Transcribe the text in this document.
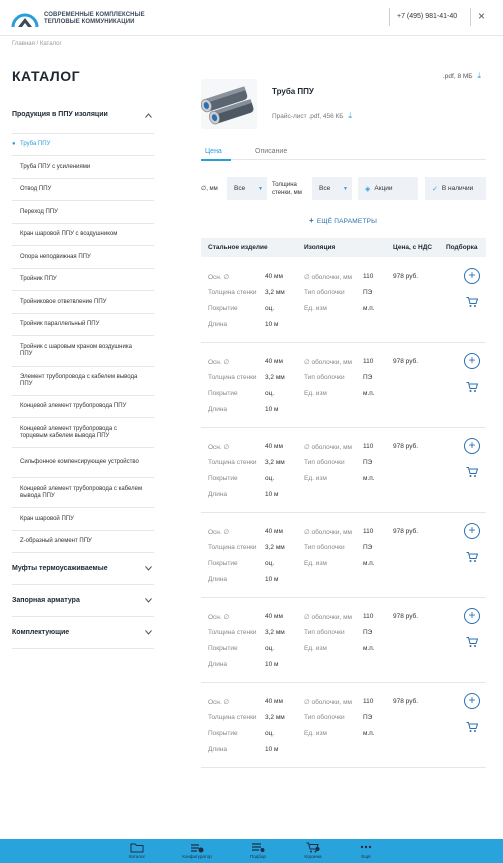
СОВРЕМЕННЫЕ КОМПЛЕКСНЫЕ
ТЕПЛОВЫЕ КОММУНИКАЦИИ
+7 (495) 981-41-40 ×
Главная / Каталог
КАТАЛОГ
Продукция в ППУ изоляции
● Труба ППУ
Труба ППУ с усилениями
Отвод ППУ
Переход ППУ
Кран шаровой ППУ с воздушником
Опора неподвижная ППУ
Тройник ППУ
Тройниковое ответвление ППУ
Тройник параллельный ППУ
Тройник с шаровым краном воздушника ППУ
Элемент трубопровода с кабелем вывода ППУ
Концевой элемент трубопровода ППУ
Концевой элемент трубопровода с торцевым кабелем вывода ППУ
Сильфонное компенсирующее устройство
Концевой элемент трубопровода с кабелем вывода ППУ
Кран шаровой ППУ
Z-образный элемент ППУ
Муфты термоусаживаемые
Запорная арматура
Комплектующие
.pdf, 8 МБ ⤓
Труба ППУ
Прайс-лист .pdf, 456 КБ ⤓
Цена	Описание
∅, мм Все	▼
Толщина
стенки, мм
Все	▼ ◈ Акции	✓ В наличии
+ ЕЩЁ ПАРАМЕТРЫ
Стальное изделие	Изоляция	Цена, с НДС Подборка
Осн. ∅	40 мм	∅ оболочки, мм 110	978 руб.
Толщина стенки 3,2 мм	Тип оболочки	ПЭ
Покрытие	оц.	Ед. изм	м.п.
Длина	10 м
+
Осн. ∅	40 мм	∅ оболочки, мм 110	978 руб.
Толщина стенки 3,2 мм	Тип оболочки	ПЭ
Покрытие	оц.	Ед. изм	м.п.
Длина	10 м
+
Осн. ∅	40 мм	∅ оболочки, мм 110	978 руб.
Толщина стенки 3,2 мм	Тип оболочки	ПЭ
Покрытие	оц.	Ед. изм	м.п.
Длина	10 м
+
Осн. ∅	40 мм	∅ оболочки, мм 110	978 руб.
Толщина стенки 3,2 мм	Тип оболочки	ПЭ
Покрытие	оц.	Ед. изм	м.п.
Длина	10 м
+
Осн. ∅	40 мм	∅ оболочки, мм 110	978 руб.
Толщина стенки 3,2 мм	Тип оболочки	ПЭ
Покрытие	оц.	Ед. изм	м.п.
Длина	10 м
+
Осн. ∅	40 мм	∅ оболочки, мм 110	978 руб.
Толщина стенки 3,2 мм	Тип оболочки	ПЭ
Покрытие	оц.	Ед. изм	м.п.
Длина	10 м
+
Каталог	Конфигуратор	Подбор	Корзина	Ещё
